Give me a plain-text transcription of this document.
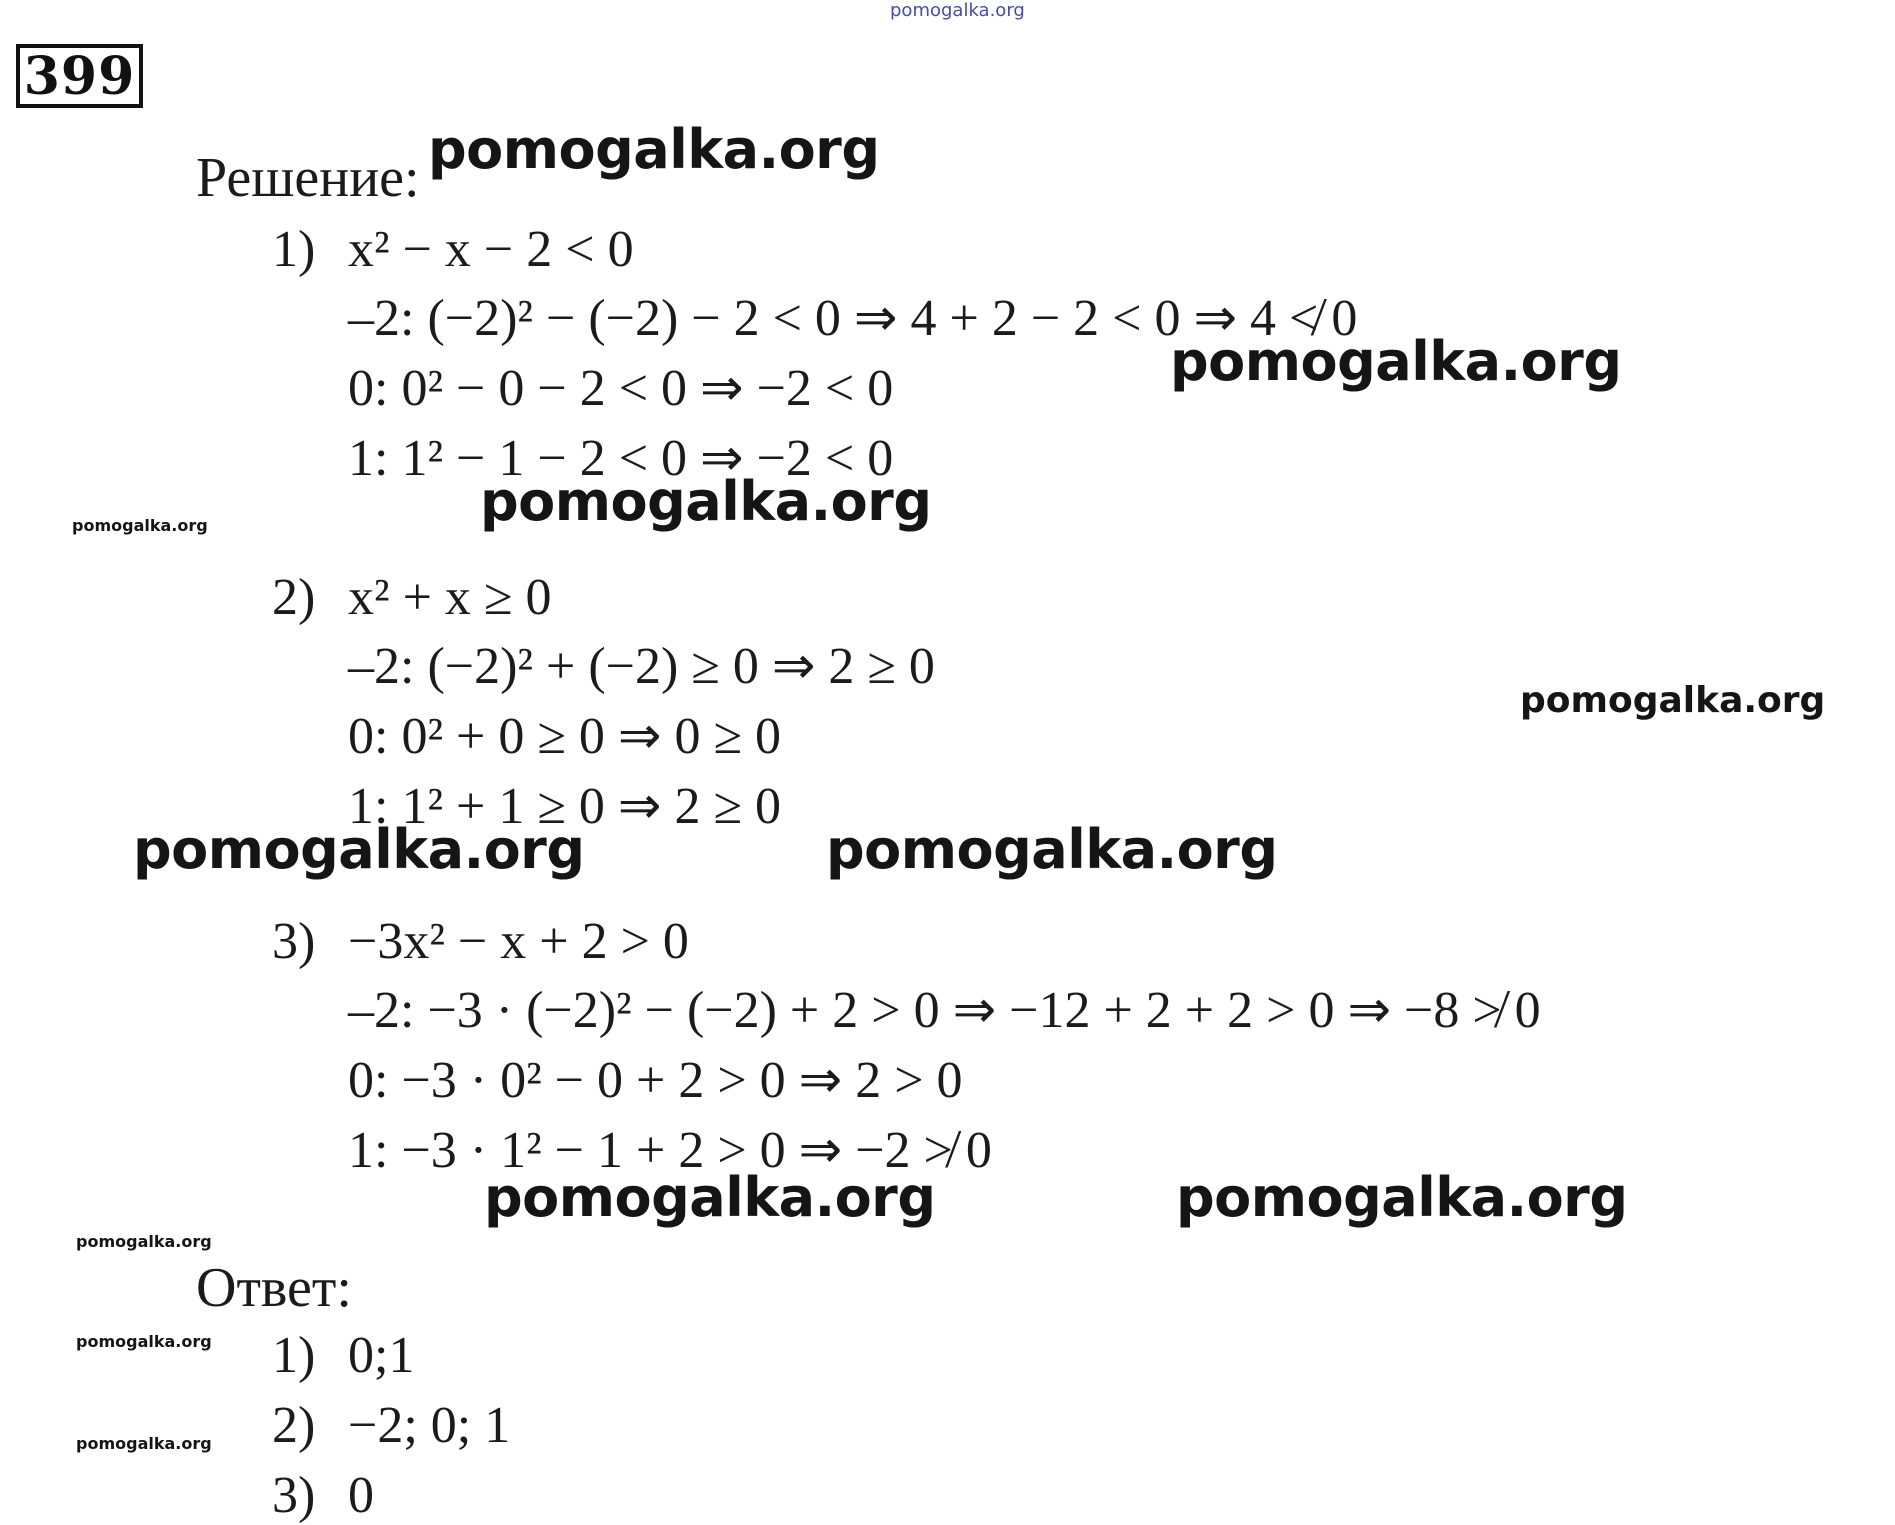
pomogalka.org
399
Решение:
1) x² − x − 2 < 0
–2: (−2)² − (−2) − 2 < 0 ⇒ 4 + 2 − 2 < 0 ⇒ 4 ≮ 0
0: 0² − 0 − 2 < 0 ⇒ −2 < 0
1: 1² − 1 − 2 < 0 ⇒ −2 < 0
2) x² + x ≥ 0
–2: (−2)² + (−2) ≥ 0 ⇒ 2 ≥ 0
0: 0² + 0 ≥ 0 ⇒ 0 ≥ 0
1: 1² + 1 ≥ 0 ⇒ 2 ≥ 0
3) −3x² − x + 2 > 0
–2: −3 · (−2)² − (−2) + 2 > 0 ⇒ −12 + 2 + 2 > 0 ⇒ −8 ≯ 0
0: −3 · 0² − 0 + 2 > 0 ⇒ 2 > 0
1: −3 · 1² − 1 + 2 > 0 ⇒ −2 ≯ 0
Ответ:
1) 0;1
2) −2; 0; 1
3) 0
pomogalka.org
pomogalka.org
pomogalka.org
pomogalka.org
pomogalka.org
pomogalka.org	pomogalka.org
pomogalka.org	pomogalka.org
pomogalka.org
pomogalka.org
pomogalka.org
